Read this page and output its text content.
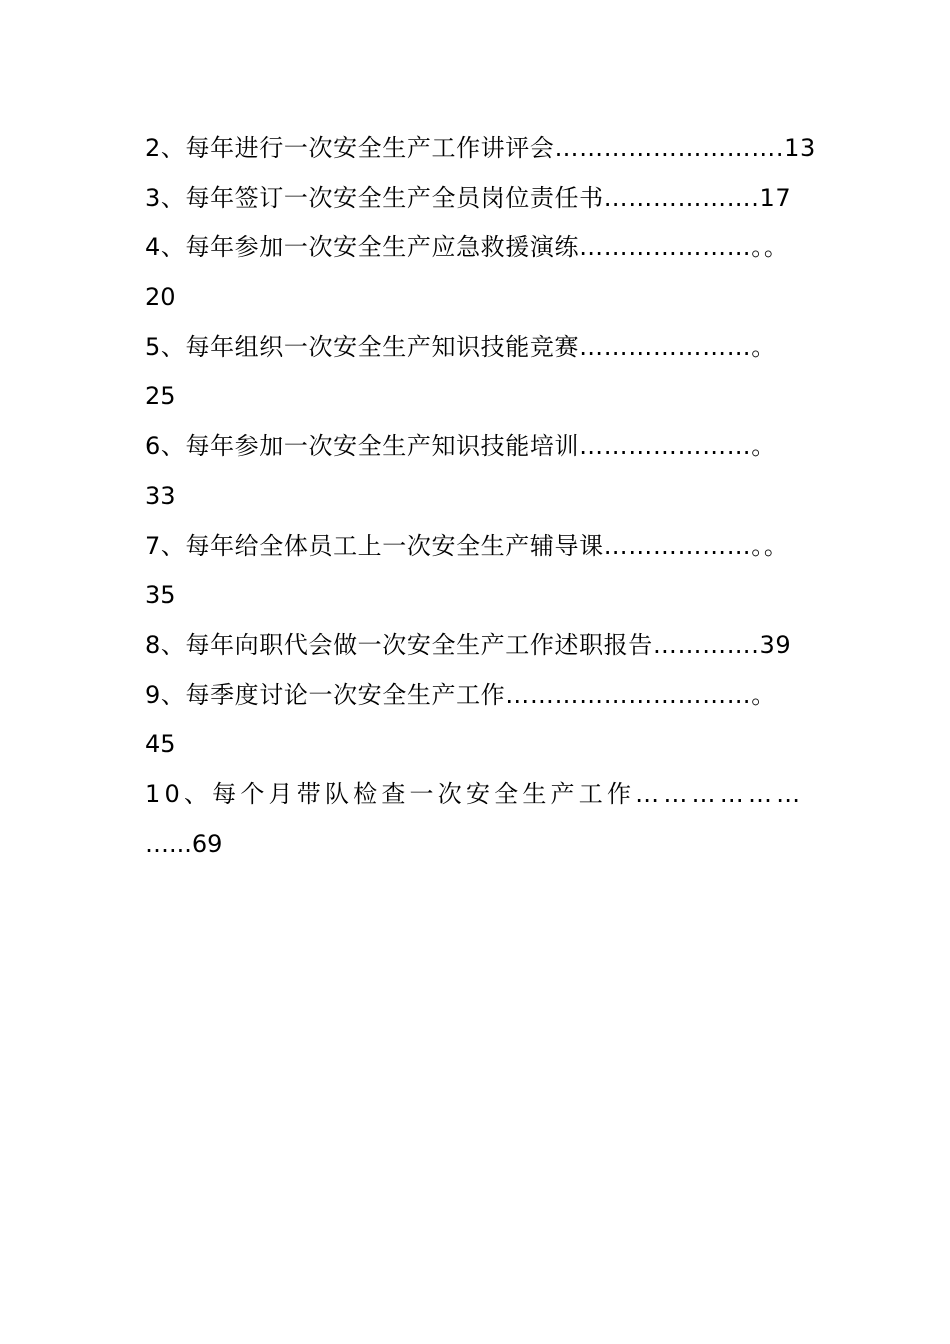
2、每年进行一次安全生产工作讲评会……………………….13
3、每年签订一次安全生产全员岗位责任书……………….17
4、每年参加一次安全生产应急救援演练…………………。。
20
5、每年组织一次安全生产知识技能竞赛…………………。
25
6、每年参加一次安全生产知识技能培训…………………。
33
7、每年给全体员工上一次安全生产辅导课………………。。
35
8、每年向职代会做一次安全生产工作述职报告………….39
9、每季度讨论一次安全生产工作…………………………。
45
10、每个月带队检查一次安全生产工作………………
…...69
